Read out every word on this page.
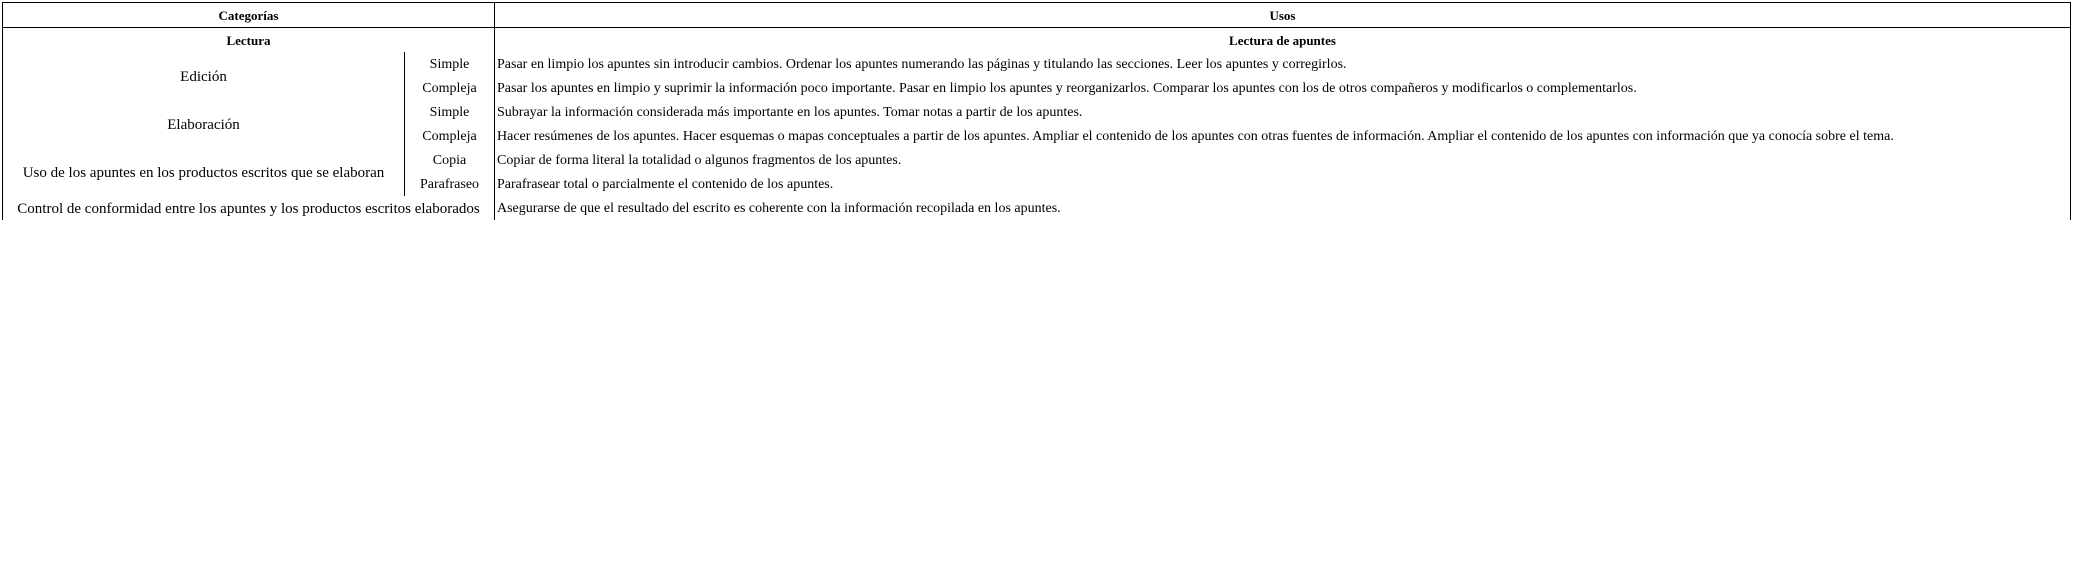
Categorías		Usos
Lectura		Lectura de apuntes
Edición	Simple	Pasar en limpio los apuntes sin introducir cambios. Ordenar los apuntes numerando las páginas y titulando las secciones. Leer los apuntes y corregirlos.
	Compleja	Pasar los apuntes en limpio y suprimir la información poco importante. Pasar en limpio los apuntes y reorganizarlos. Comparar los apuntes con los de otros compañeros y modificarlos o complementarlos.
Elaboración	Simple	Subrayar la información considerada más importante en los apuntes. Tomar notas a partir de los apuntes.
	Compleja	Hacer resúmenes de los apuntes. Hacer esquemas o mapas conceptuales a partir de los apuntes. Ampliar el contenido de los apuntes con otras fuentes de información. Ampliar el contenido de los apuntes con información que ya conocía sobre el tema.
Uso de los apuntes en los productos escritos que se elaboran	Copia	Copiar de forma literal la totalidad o algunos fragmentos de los apuntes.
	Parafraseo	Parafrasear total o parcialmente el contenido de los apuntes.
Control de conformidad entre los apuntes y los productos escritos elaborados		Asegurarse de que el resultado del escrito es coherente con la información recopilada en los apuntes.
